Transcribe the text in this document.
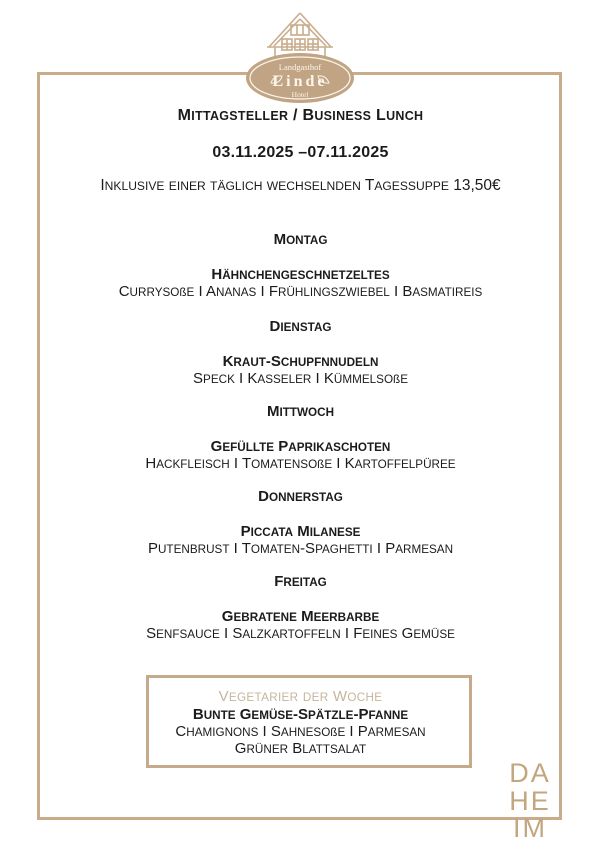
Landgasthof
Linde
Hotel
MITTAGSTELLER / BUSINESS LUNCH
03.11.2025 –07.11.2025
INKLUSIVE EINER TÄGLICH WECHSELNDEN TAGESSUPPE 13,50€
MONTAG
HÄHNCHENGESCHNETZELTES
CURRYSOßE I ANANAS I FRÜHLINGSZWIEBEL I BASMATIREIS
DIENSTAG
KRAUT-SCHUPFNNUDELN
SPECK I KASSELER I KÜMMELSOßE
MITTWOCH
GEFÜLLTE PAPRIKASCHOTEN
HACKFLEISCH I TOMATENSOßE I KARTOFFELPÜREE
DONNERSTAG
PICCATA MILANESE
PUTENBRUST I TOMATEN-SPAGHETTI I PARMESAN
FREITAG
GEBRATENE MEERBARBE
SENFSAUCE I SALZKARTOFFELN I FEINES GEMÜSE
VEGETARIER DER WOCHE
BUNTE GEMÜSE-SPÄTZLE-PFANNE
CHAMIGNONS I SAHNESOßE I PARMESAN
GRÜNER BLATTSALAT
DA
HE
IM
